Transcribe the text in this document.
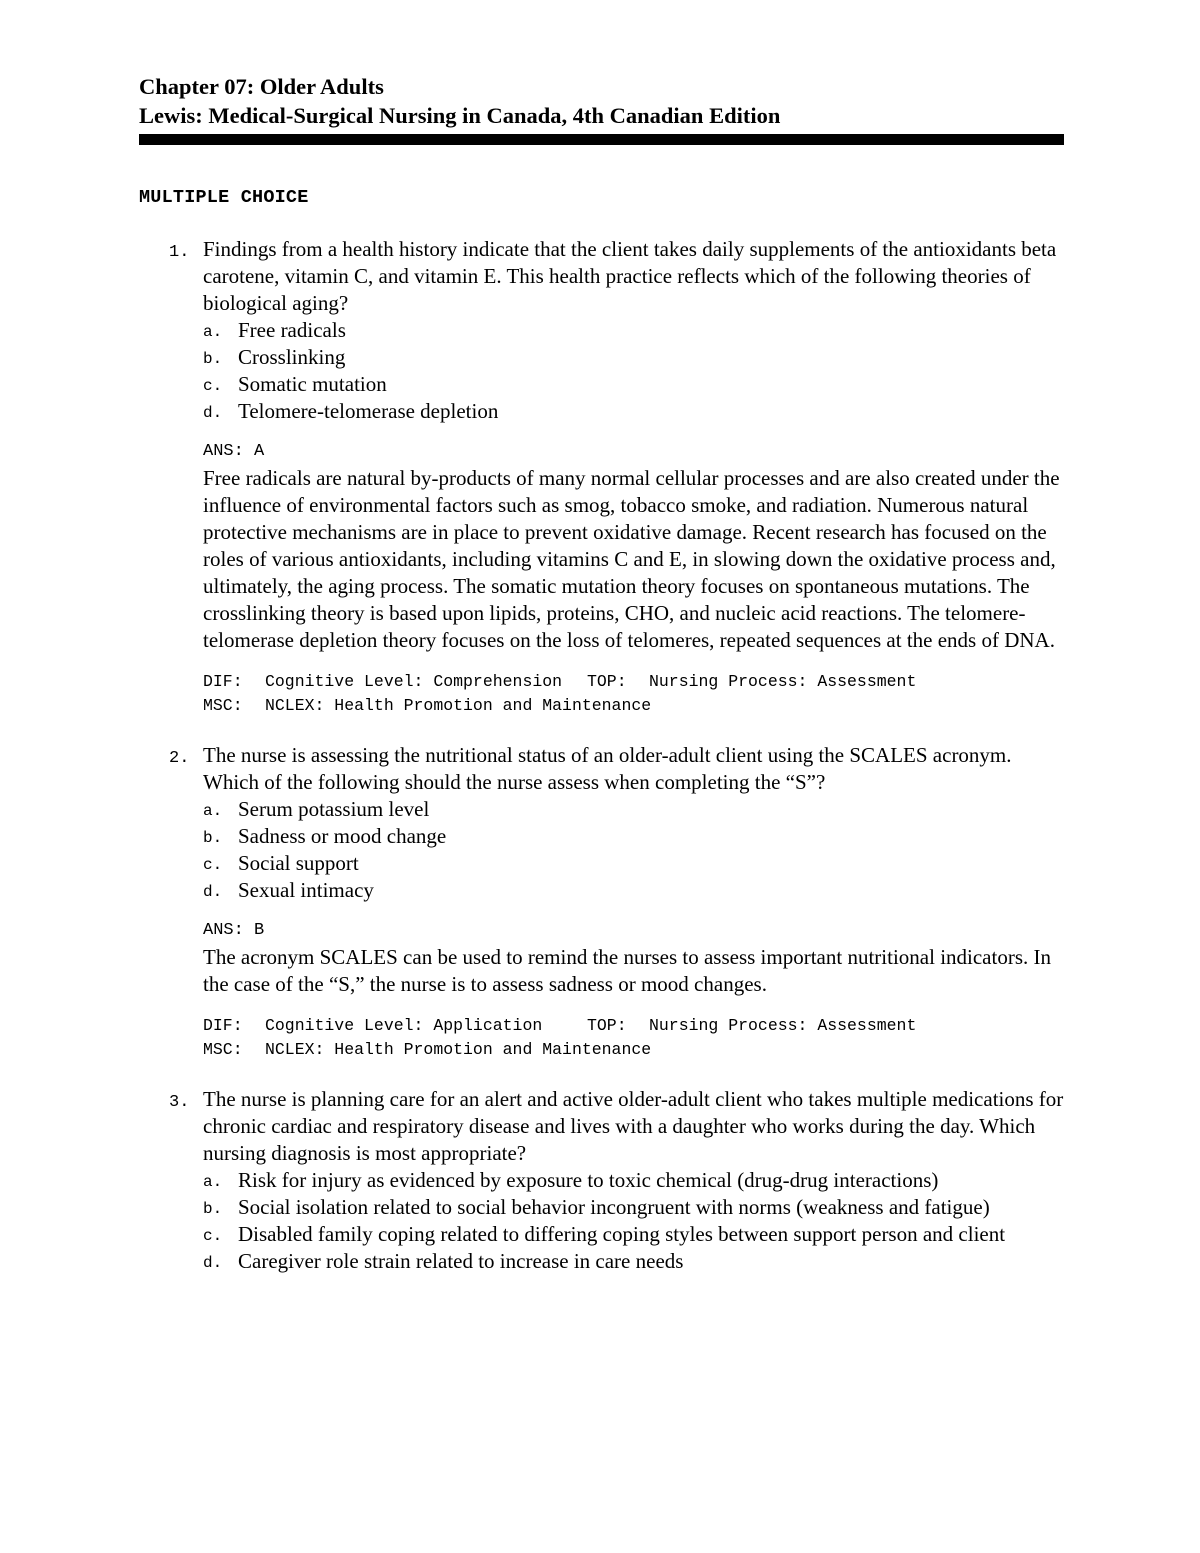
Chapter 07: Older Adults
Lewis: Medical-Surgical Nursing in Canada, 4th Canadian Edition
MULTIPLE CHOICE
1. Findings from a health history indicate that the client takes daily supplements of the antioxidants beta carotene, vitamin C, and vitamin E. This health practice reflects which of the following theories of biological aging?
a. Free radicals
b. Crosslinking
c. Somatic mutation
d. Telomere-telomerase depletion
ANS: A
Free radicals are natural by-products of many normal cellular processes and are also created under the influence of environmental factors such as smog, tobacco smoke, and radiation. Numerous natural protective mechanisms are in place to prevent oxidative damage. Recent research has focused on the roles of various antioxidants, including vitamins C and E, in slowing down the oxidative process and, ultimately, the aging process. The somatic mutation theory focuses on spontaneous mutations. The crosslinking theory is based upon lipids, proteins, CHO, and nucleic acid reactions. The telomere-telomerase depletion theory focuses on the loss of telomeres, repeated sequences at the ends of DNA.
DIF: Cognitive Level: Comprehension TOP: Nursing Process: Assessment
MSC: NCLEX: Health Promotion and Maintenance
2. The nurse is assessing the nutritional status of an older-adult client using the SCALES acronym. Which of the following should the nurse assess when completing the “S”?
a. Serum potassium level
b. Sadness or mood change
c. Social support
d. Sexual intimacy
ANS: B
The acronym SCALES can be used to remind the nurses to assess important nutritional indicators. In the case of the “S,” the nurse is to assess sadness or mood changes.
DIF: Cognitive Level: Application	TOP: Nursing Process: Assessment
MSC: NCLEX: Health Promotion and Maintenance
3. The nurse is planning care for an alert and active older-adult client who takes multiple medications for chronic cardiac and respiratory disease and lives with a daughter who works during the day. Which nursing diagnosis is most appropriate?
a. Risk for injury as evidenced by exposure to toxic chemical (drug-drug interactions)
b. Social isolation related to social behavior incongruent with norms (weakness and fatigue)
c. Disabled family coping related to differing coping styles between support person and client
d. Caregiver role strain related to increase in care needs
